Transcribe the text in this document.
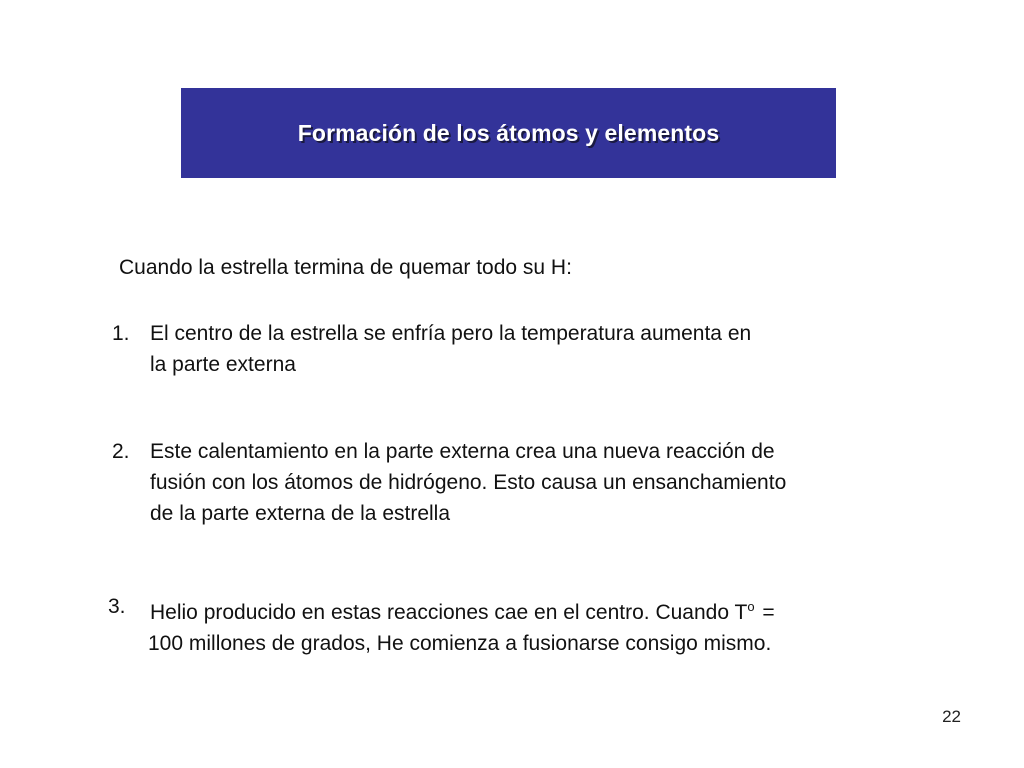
Formación de los átomos y elementos
Cuando la estrella termina de quemar todo su H:
1. El centro de la estrella se enfría pero la temperatura aumenta en
la parte externa
2. Este calentamiento en la parte externa crea una nueva reacción de
fusión con los átomos de hidrógeno. Esto causa un ensanchamiento
de la parte externa de la estrella
3. Helio producido en estas reacciones cae en el centro. Cuando $T^o$ =
100 millones de grados, He comienza a fusionarse consigo mismo.
22
